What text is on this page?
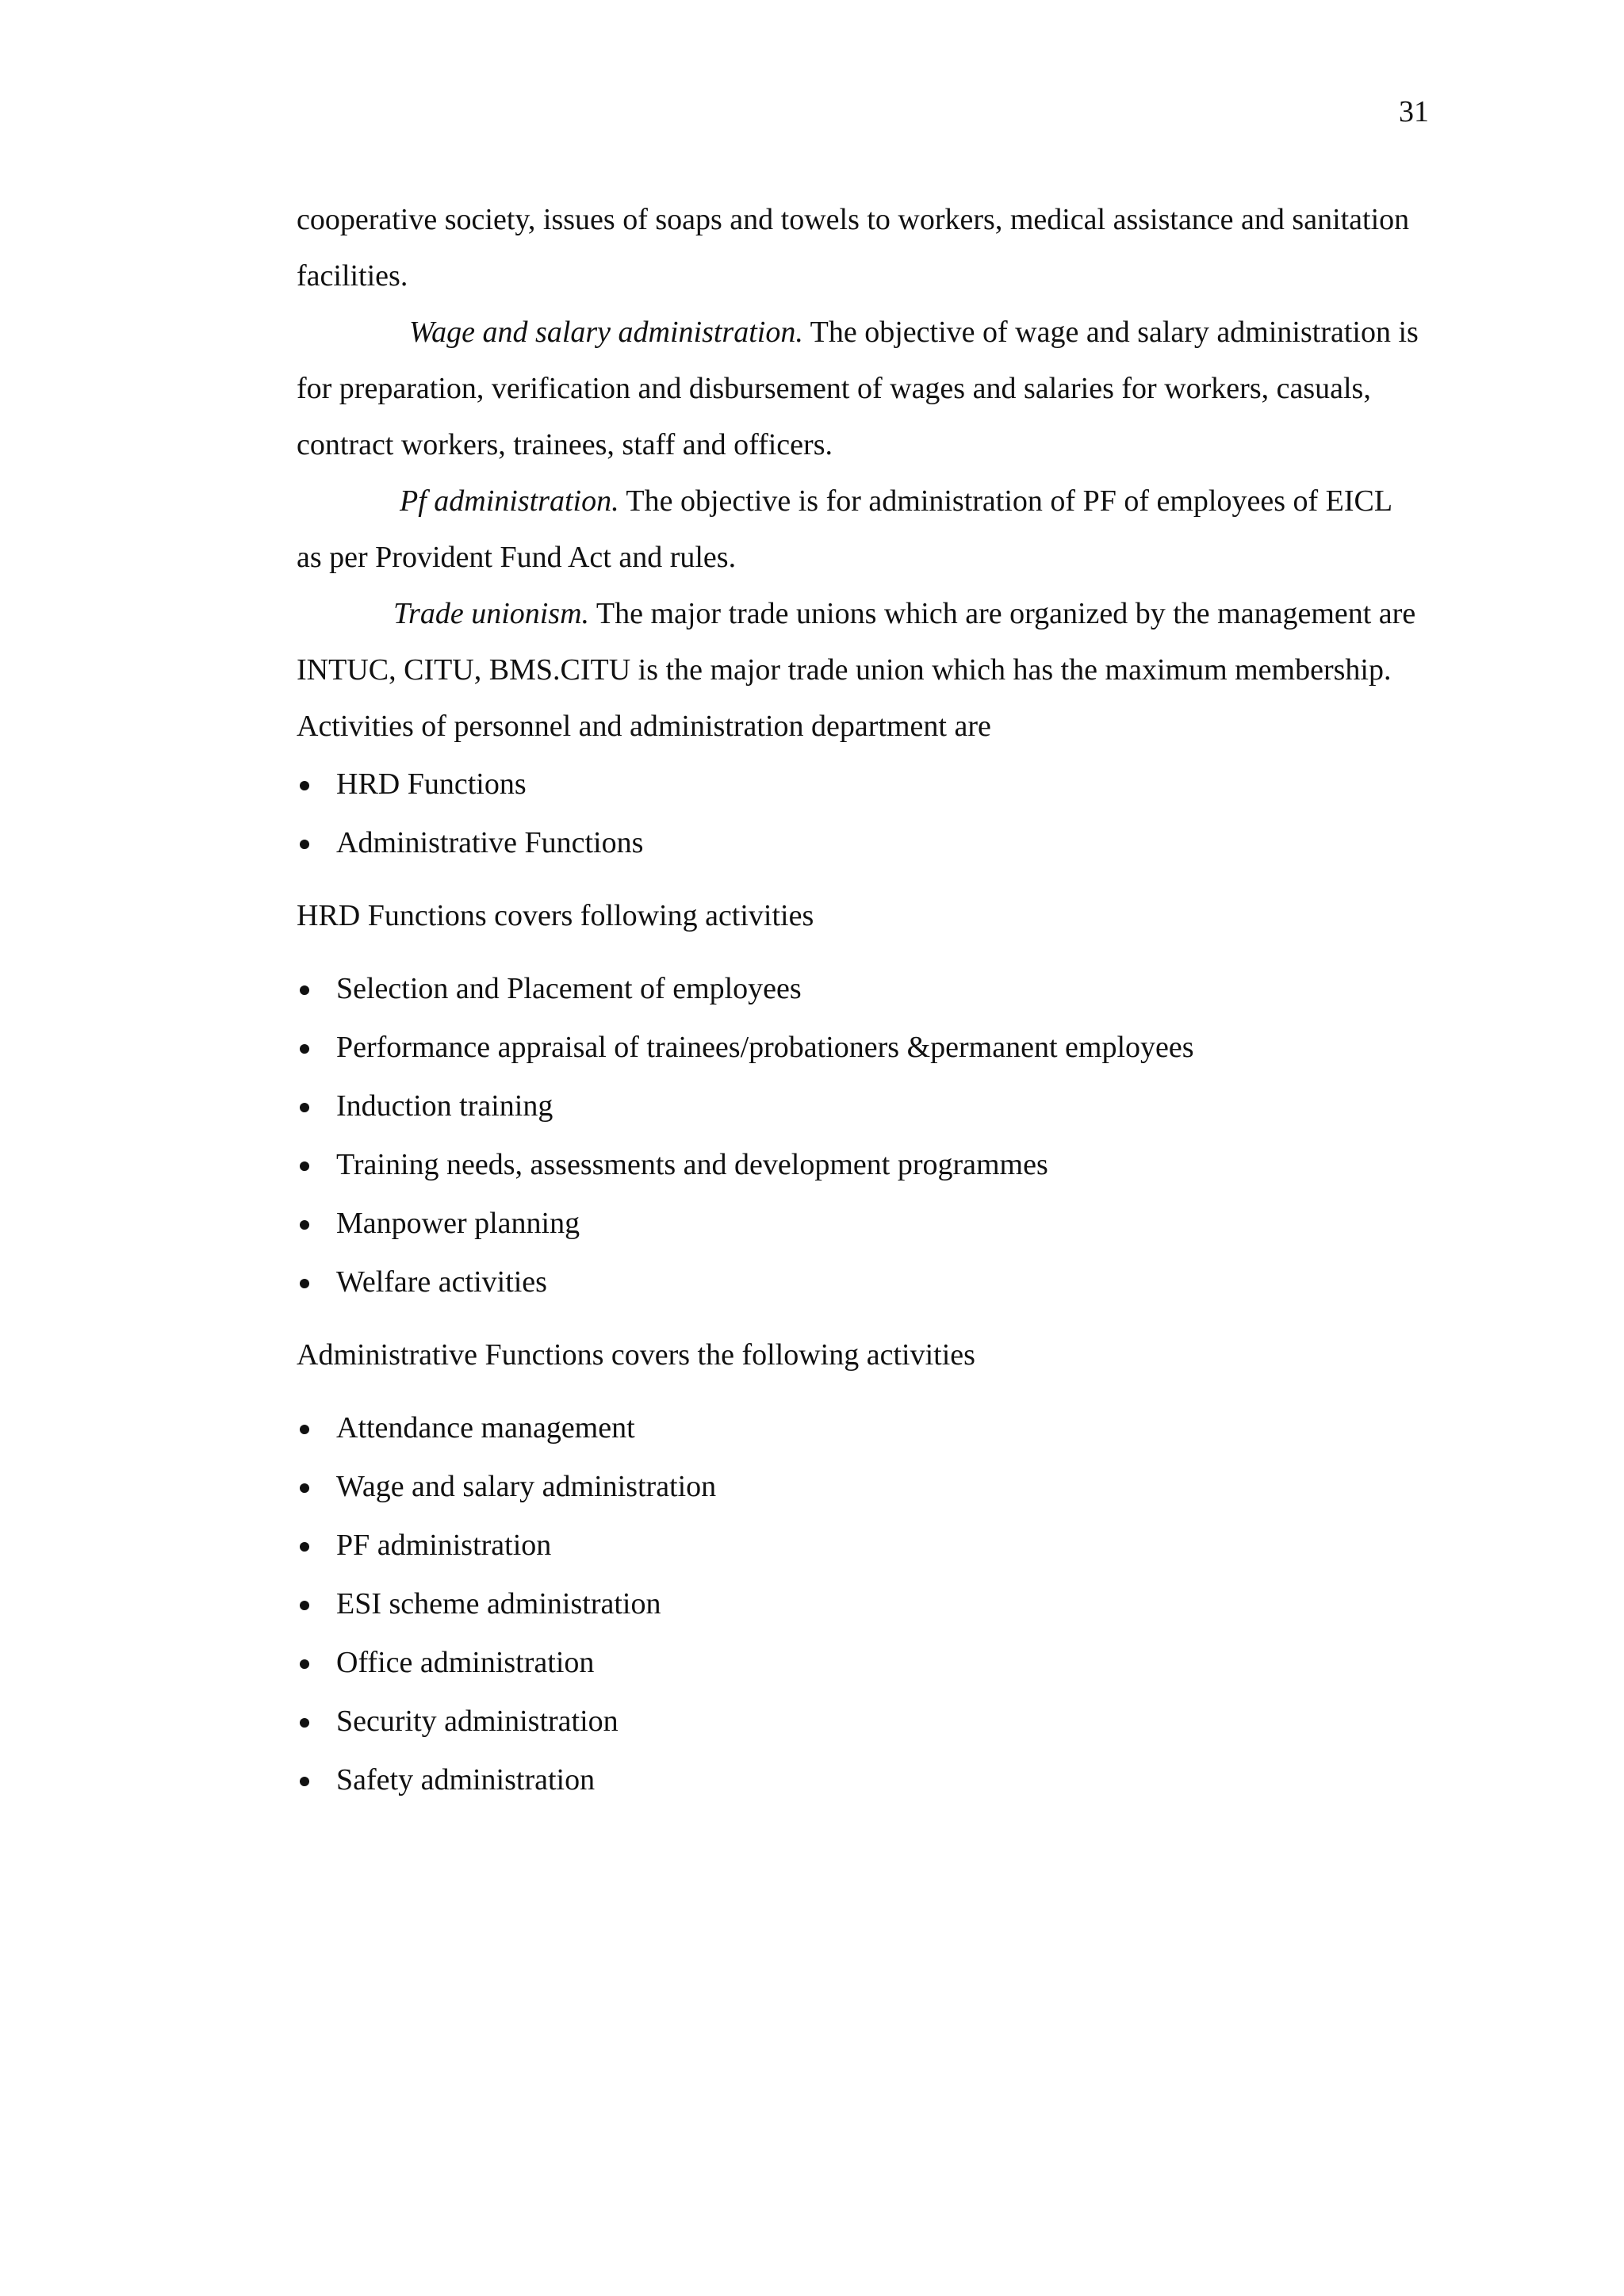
31

cooperative society, issues of soaps and towels to workers, medical assistance and sanitation facilities.

Wage and salary administration. The objective of wage and salary administration is for preparation, verification and disbursement of wages and salaries for workers, casuals, contract workers, trainees, staff and officers.

Pf administration. The objective is for administration of PF of employees of EICL as per Provident Fund Act and rules.

Trade unionism. The major trade unions which are organized by the management are INTUC, CITU, BMS.CITU is the major trade union which has the maximum membership.

Activities of personnel and administration department are

HRD Functions
Administrative Functions

HRD Functions covers following activities

Selection and Placement of employees
Performance appraisal of trainees/probationers &permanent employees
Induction training
Training needs, assessments and development programmes
Manpower planning
Welfare activities

Administrative Functions covers the following activities

Attendance management
Wage and salary administration
PF administration
ESI scheme administration
Office administration
Security administration
Safety administration
